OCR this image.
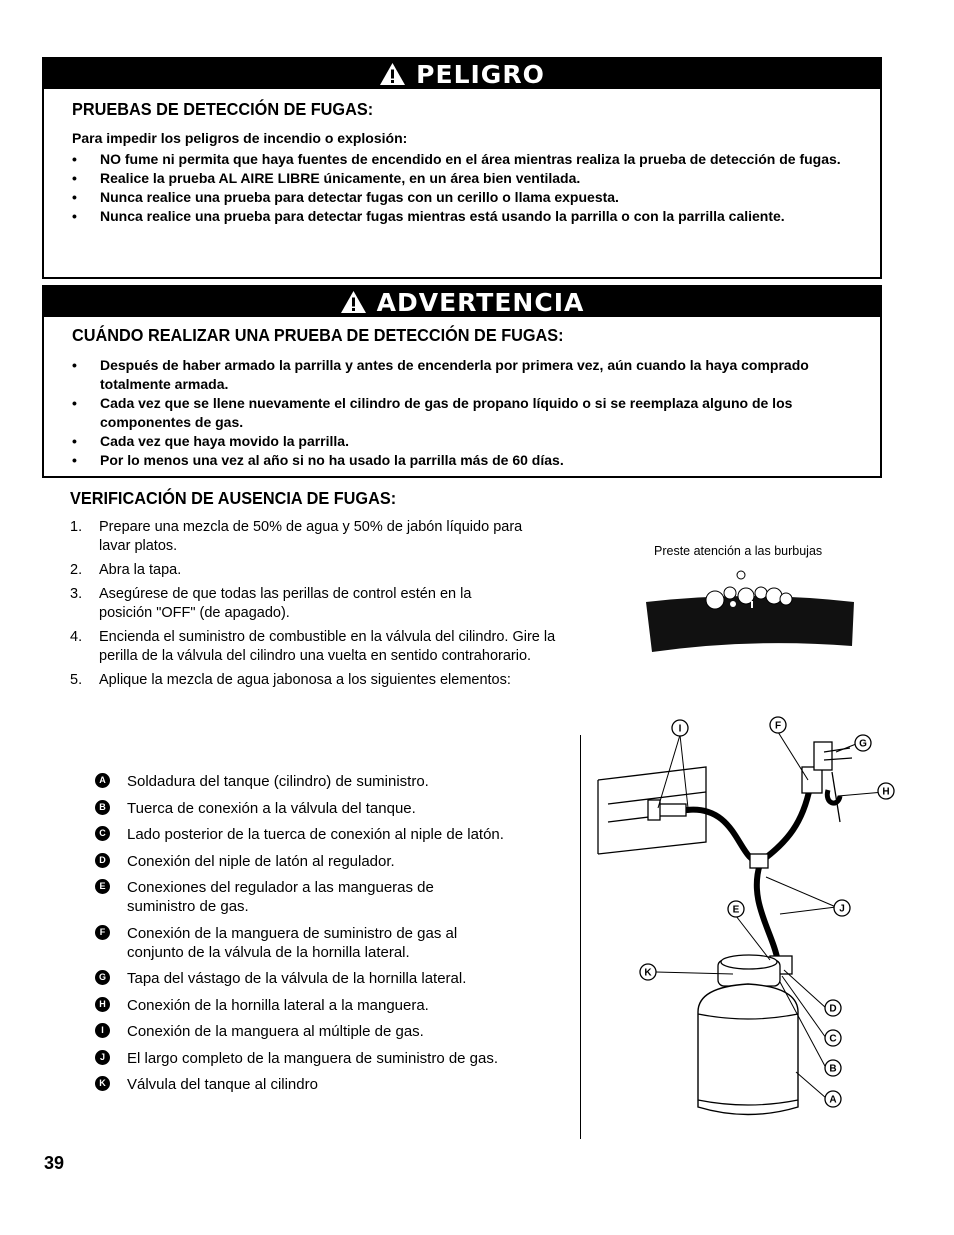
PELIGRO
PRUEBAS DE DETECCIÓN DE FUGAS:
Para impedir los peligros de incendio o explosión:
• NO fume ni permita que haya fuentes de encendido en el área mientras realiza la prueba de detección de fugas.
• Realice la prueba AL AIRE LIBRE únicamente, en un área bien ventilada.
• Nunca realice una prueba para detectar fugas con un cerillo o llama expuesta.
• Nunca realice una prueba para detectar fugas mientras está usando la parrilla o con la parrilla caliente.
ADVERTENCIA
CUÁNDO REALIZAR UNA PRUEBA DE DETECCIÓN DE FUGAS:
• Después de haber armado la parrilla y antes de encenderla por primera vez, aún cuando la haya comprado totalmente armada.
• Cada vez que se llene nuevamente el cilindro de gas de propano líquido o si se reemplaza alguno de los componentes de gas.
• Cada vez que haya movido la parrilla.
• Por lo menos una vez al año si no ha usado la parrilla más de 60 días.
VERIFICACIÓN DE AUSENCIA DE FUGAS:
1. Prepare una mezcla de 50% de agua y 50% de jabón líquido para lavar platos.
2. Abra la tapa.
3. Asegúrese de que todas las perillas de control estén en la posición "OFF" (de apagado).
4. Encienda el suministro de combustible en la válvula del cilindro. Gire la perilla de la válvula del cilindro una vuelta en sentido contrahorario.
5. Aplique la mezcla de agua jabonosa a los siguientes elementos:
Preste atención a las burbujas
A Soldadura del tanque (cilindro) de suministro.
B Tuerca de conexión a la válvula del tanque.
C Lado posterior de la tuerca de conexión al niple de latón.
D Conexión del niple de latón al regulador.
E	Conexiones del regulador a las mangueras de suministro de gas.
F	Conexión de la manguera de suministro de gas al conjunto de la válvula de la hornilla lateral.
G Tapa del vástago de la válvula de la hornilla lateral.
H Conexión de la hornilla lateral a la manguera.
I	Conexión de la manguera al múltiple de gas.
J	El largo completo de la manguera de suministro de gas.
K Válvula del tanque al cilindro
I	F
G
H
E	J
K
D
C
B
A
39
